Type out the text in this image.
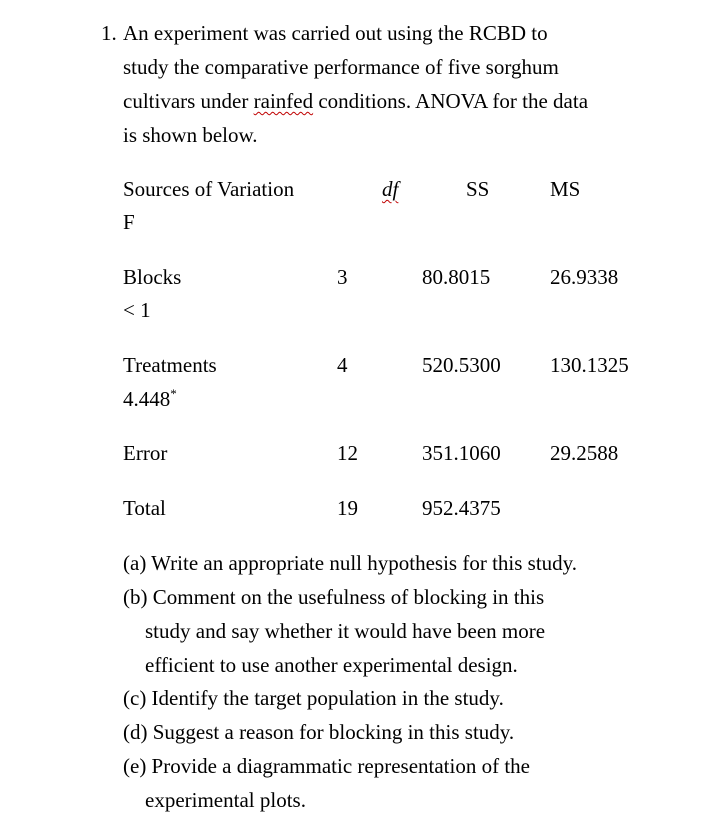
1. An experiment was carried out using the RCBD to
study the comparative performance of five sorghum
cultivars under rainfed conditions. ANOVA for the data
is shown below.
Sources of Variation	df	SS	MS
F
Blocks	3	80.8015	26.9338
< 1
Treatments	4	520.5300 130.1325
4.448*
Error	12	351.1060 29.2588
Total	19	952.4375
(a) Write an appropriate null hypothesis for this study.
(b) Comment on the usefulness of blocking in this
study and say whether it would have been more
efficient to use another experimental design.
(c) Identify the target population in the study.
(d) Suggest a reason for blocking in this study.
(e) Provide a diagrammatic representation of the
experimental plots.
